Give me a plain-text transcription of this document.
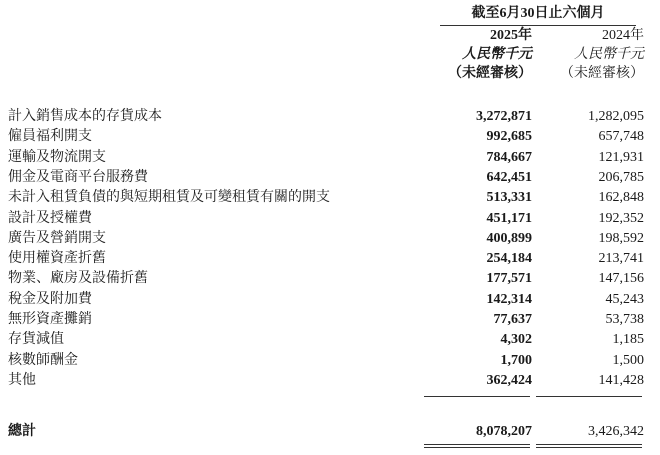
截至6月30日止六個月
2025年	2024年
人民幣千元	人民幣千元
（未經審核） （未經審核）
計入銷售成本的存貨成本	3,272,871	1,282,095
僱員福利開支	992,685	657,748
運輸及物流開支	784,667	121,931
佣金及電商平台服務費	642,451	206,785
未計入租賃負債的與短期租賃及可變租賃有關的開支	513,331	162,848
設計及授權費	451,171	192,352
廣告及營銷開支	400,899	198,592
使用權資產折舊	254,184	213,741
物業、廠房及設備折舊	177,571	147,156
稅金及附加費	142,314	45,243
無形資產攤銷	77,637	53,738
存貨減值	4,302	1,185
核數師酬金	1,700	1,500
其他	362,424	141,428
總計	8,078,207	3,426,342
